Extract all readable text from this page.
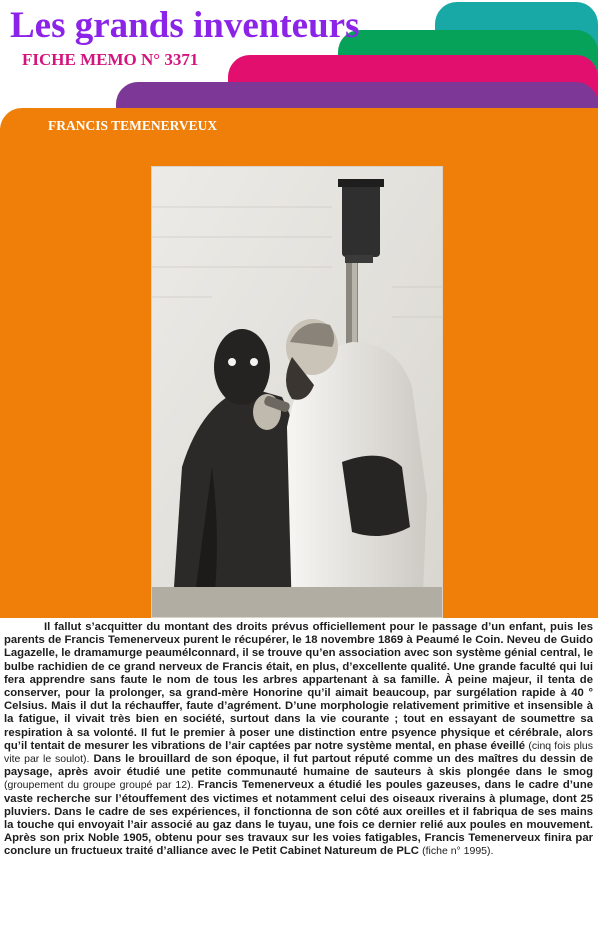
Les grands inventeurs
FICHE MEMO N° 3371
FRANCIS TEMENERVEUX

Il fallut s’acquitter du montant des droits prévus officiellement pour le passage d’un enfant, puis les parents de Francis Temenerveux purent le récupérer, le 18 novembre 1869 à Peaumé le Coin. Neveu de Guido Lagazelle, le dramamurge peaumélconnard, il se trouve qu’en association avec son système génial central, le bulbe rachidien de ce grand nerveux de Francis était, en plus, d’excellente qualité. Une grande faculté qui lui fera apprendre sans faute le nom de tous les arbres appartenant à sa famille. À peine majeur, il tenta de conserver, pour la prolonger, sa grand-mère Honorine qu’il aimait beaucoup, par surgélation rapide à 40 ° Celsius. Mais il dut la réchauffer, faute d’agrément. D’une morphologie relativement primitive et insensible à la fatigue, il vivait très bien en société, surtout dans la vie courante ; tout en essayant de soumettre sa respiration à sa volonté. Il fut le premier à poser une distinction entre psyence physique et cérébrale, alors qu’il tentait de mesurer les vibrations de l’air captées par notre système mental, en phase éveillé (cinq fois plus vite par le soulot). Dans le brouillard de son époque, il fut partout réputé comme un des maîtres du dessin de paysage, après avoir étudié une petite communauté humaine de sauteurs à skis plongée dans le smog (groupement du groupe groupé par 12). Francis Temenerveux a étudié les poules gazeuses, dans le cadre d’une vaste recherche sur l’étouffement des victimes et notamment celui des oiseaux riverains à plumage, dont 25 pluviers. Dans le cadre de ses expériences, il fonctionna de son côté aux oreilles et il fabriqua de ses mains la touche qui envoyait l’air associé au gaz dans le tuyau, une fois ce dernier relié aux poules en mouvement. Après son prix Noble 1905, obtenu pour ses travaux sur les voies fatigables, Francis Temenerveux finira par conclure un fructueux traité d’alliance avec le Petit Cabinet Natureum de PLC (fiche n° 1995).
